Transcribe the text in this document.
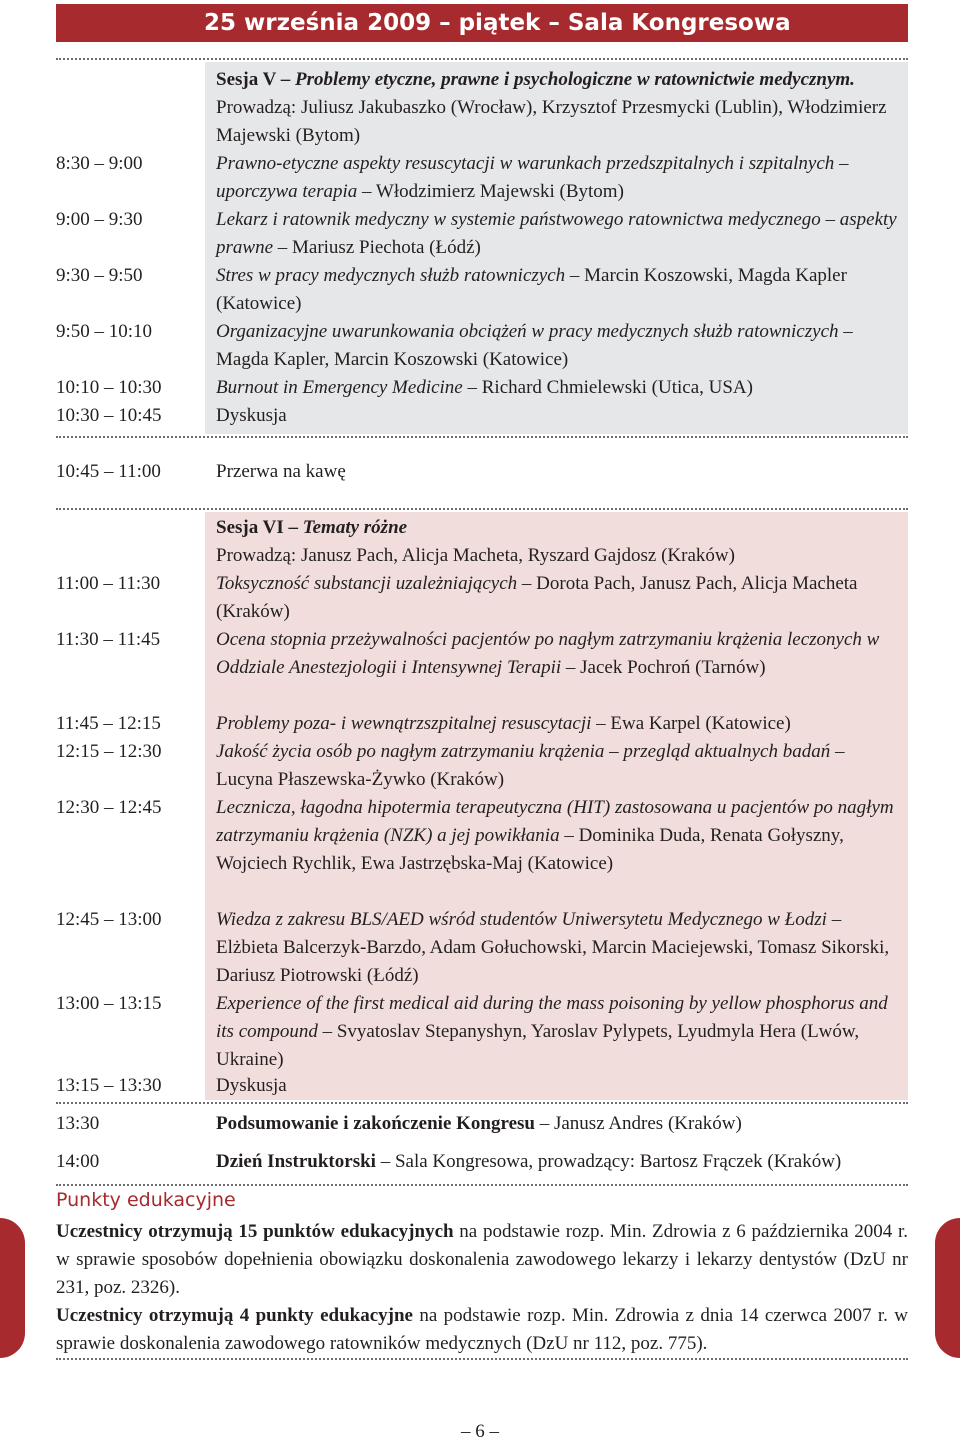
25 września 2009 – piątek – Sala Kongresowa
Sesja V – Problemy etyczne, prawne i psychologiczne w ratownictwie medycznym. Prowadzą: Juliusz Jakubaszko (Wrocław), Krzysztof Przesmycki (Lublin), Włodzimierz Majewski (Bytom)
8:30 – 9:00	Prawno-etyczne aspekty resuscytacji w warunkach przedszpitalnych i szpitalnych – uporczywa terapia – Włodzimierz Majewski (Bytom)
9:00 – 9:30	Lekarz i ratownik medyczny w systemie państwowego ratownictwa medycznego – aspekty prawne – Mariusz Piechota (Łódź)
9:30 – 9:50	Stres w pracy medycznych służb ratowniczych – Marcin Koszowski, Magda Kapler (Katowice)
9:50 – 10:10	Organizacyjne uwarunkowania obciążeń w pracy medycznych służb ratowniczych – Magda Kapler, Marcin Koszowski (Katowice)
10:10 – 10:30	Burnout in Emergency Medicine – Richard Chmielewski (Utica, USA)
10:30 – 10:45	Dyskusja
10:45 – 11:00	Przerwa na kawę
Sesja VI – Tematy różne
Prowadzą: Janusz Pach, Alicja Macheta, Ryszard Gajdosz (Kraków)
11:00 – 11:30	Toksyczność substancji uzależniających – Dorota Pach, Janusz Pach, Alicja Macheta (Kraków)
11:30 – 11:45	Ocena stopnia przeżywalności pacjentów po nagłym zatrzymaniu krążenia leczonych w Oddziale Anestezjologii i Intensywnej Terapii – Jacek Pochroń (Tarnów)
11:45 – 12:15	Problemy poza- i wewnątrzszpitalnej resuscytacji – Ewa Karpel (Katowice)
12:15 – 12:30	Jakość życia osób po nagłym zatrzymaniu krążenia – przegląd aktualnych badań – Lucyna Płaszewska-Żywko (Kraków)
12:30 – 12:45	Lecznicza, łagodna hipotermia terapeutyczna (HIT) zastosowana u pacjentów po nagłym zatrzymaniu krążenia (NZK) a jej powikłania – Dominika Duda, Renata Gołyszny, Wojciech Rychlik, Ewa Jastrzębska-Maj (Katowice)
12:45 – 13:00	Wiedza z zakresu BLS/AED wśród studentów Uniwersytetu Medycznego w Łodzi – Elżbieta Balcerzyk-Barzdo, Adam Gołuchowski, Marcin Maciejewski, Tomasz Sikorski, Dariusz Piotrowski (Łódź)
13:00 – 13:15	Experience of the first medical aid during the mass poisoning by yellow phosphorus and its compound – Svyatoslav Stepanyshyn, Yaroslav Pylypets, Lyudmyla Hera (Lwów, Ukraine)
13:15 – 13:30	Dyskusja
13:30	Podsumowanie i zakończenie Kongresu – Janusz Andres (Kraków)
14:00	Dzień Instruktorski – Sala Kongresowa, prowadzący: Bartosz Frączek (Kraków)
Punkty edukacyjne
Uczestnicy otrzymują 15 punktów edukacyjnych na podstawie rozp. Min. Zdrowia z 6 października 2004 r. w sprawie sposobów dopełnienia obowiązku doskonalenia zawodowego lekarzy i lekarzy dentystów (DzU nr 231, poz. 2326).
Uczestnicy otrzymują 4 punkty edukacyjne na podstawie rozp. Min. Zdrowia z dnia 14 czerwca 2007 r. w sprawie doskonalenia zawodowego ratowników medycznych (DzU nr 112, poz. 775).
– 6 –
